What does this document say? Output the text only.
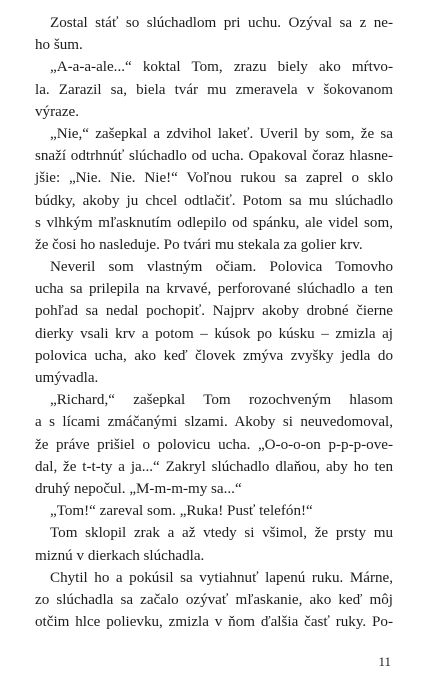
Zostal stáť so slúchadlom pri uchu. Ozýval sa z ne-
ho šum.
„A-a-a-ale...“ koktal Tom, zrazu biely ako mŕtvo-
la. Zarazil sa, biela tvár mu zmeravela v šokovanom
výraze.
„Nie,“ zašepkal a zdvihol lakeť. Uveril by som, že sa
snaží odtrhnúť slúchadlo od ucha. Opakoval čoraz hlasne-
jšie: „Nie. Nie. Nie!“ Voľnou rukou sa zaprel o sklo
búdky, akoby ju chcel odtlačiť. Potom sa mu slúchadlo
s vlhkým mľasknutím odlepilo od spánku, ale videl som,
že čosi ho nasleduje. Po tvári mu stekala za golier krv.
Neveril som vlastným očiam. Polovica Tomovho
ucha sa prilepila na krvavé, perforované slúchadlo a ten
pohľad sa nedal pochopiť. Najprv akoby drobné čierne
dierky vsali krv a potom – kúsok po kúsku – zmizla aj
polovica ucha, ako keď človek zmýva zvyšky jedla do
umývadla.
„Richard,“ zašepkal Tom rozochveným hlasom
a s lícami zmáčanými slzami. Akoby si neuvedomoval,
že práve prišiel o polovicu ucha. „O-o-o-on p-p-p-ove-
dal, že t-t-ty a ja...“ Zakryl slúchadlo dlaňou, aby ho ten
druhý nepočul. „M-m-m-my sa...“
„Tom!“ zareval som. „Ruka! Pusť telefón!“
Tom sklopil zrak a až vtedy si všimol, že prsty mu
miznú v dierkach slúchadla.
Chytil ho a pokúsil sa vytiahnuť lapenú ruku. Márne,
zo slúchadla sa začalo ozývať mľaskanie, ako keď môj
otčim hlce polievku, zmizla v ňom ďalšia časť ruky. Po-
11
